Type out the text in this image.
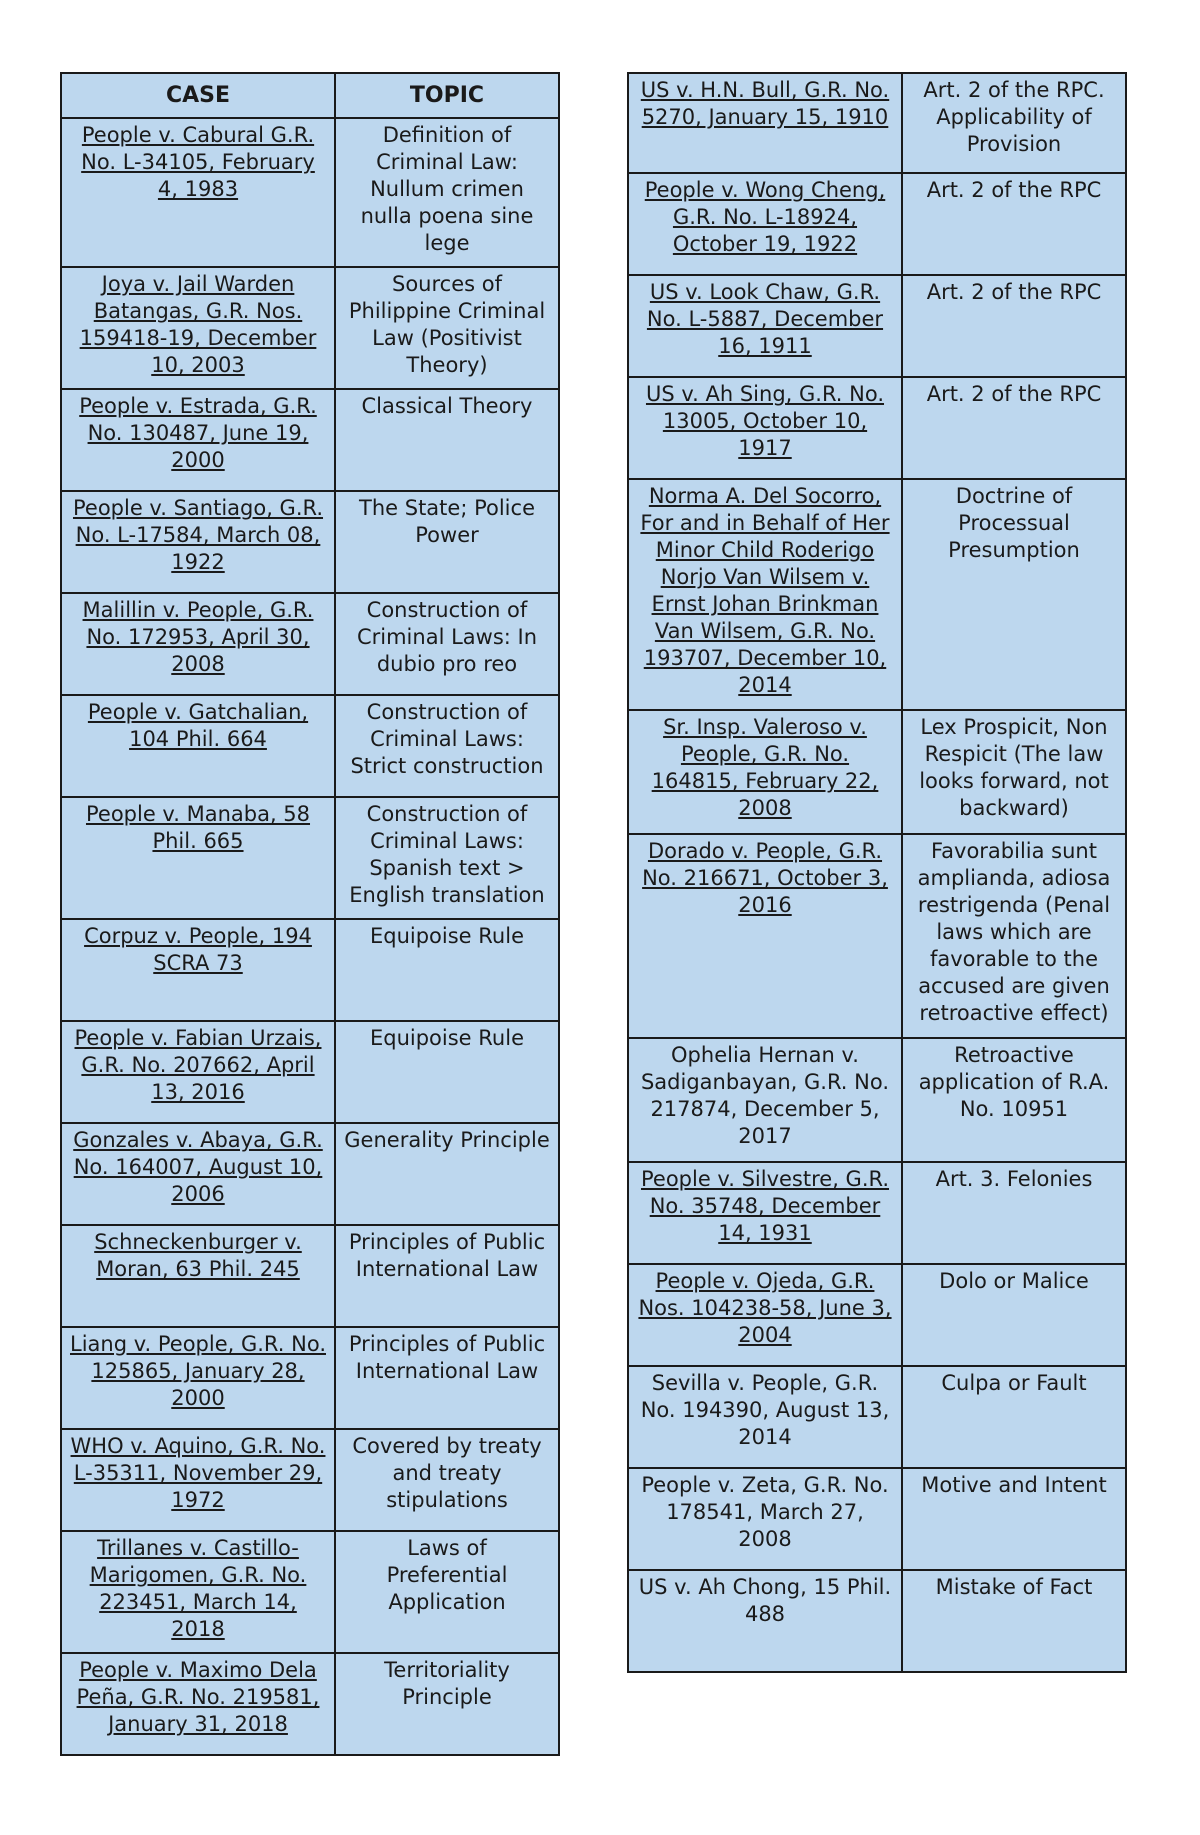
CASE	TOPIC
People v. Cabural G.R. No. L-34105, February 4, 1983	Definition of Criminal Law: Nullum crimen nulla poena sine lege
Joya v. Jail Warden Batangas, G.R. Nos. 159418-19, December 10, 2003	Sources of Philippine Criminal Law (Positivist Theory)
People v. Estrada, G.R. No. 130487, June 19, 2000	Classical Theory
People v. Santiago, G.R. No. L-17584, March 08, 1922	The State; Police Power
Malillin v. People, G.R. No. 172953, April 30, 2008	Construction of Criminal Laws: In dubio pro reo
People v. Gatchalian, 104 Phil. 664	Construction of Criminal Laws: Strict construction
People v. Manaba, 58 Phil. 665	Construction of Criminal Laws: Spanish text > English translation
Corpuz v. People, 194 SCRA 73	Equipoise Rule
People v. Fabian Urzais, G.R. No. 207662, April 13, 2016	Equipoise Rule
Gonzales v. Abaya, G.R. No. 164007, August 10, 2006	Generality Principle
Schneckenburger v. Moran, 63 Phil. 245	Principles of Public International Law
Liang v. People, G.R. No. 125865, January 28, 2000	Principles of Public International Law
WHO v. Aquino, G.R. No. L-35311, November 29, 1972	Covered by treaty and treaty stipulations
Trillanes v. Castillo-Marigomen, G.R. No. 223451, March 14, 2018	Laws of Preferential Application
People v. Maximo Dela Peña, G.R. No. 219581, January 31, 2018	Territoriality Principle
US v. H.N. Bull, G.R. No. 5270, January 15, 1910	Art. 2 of the RPC. Applicability of Provision
People v. Wong Cheng, G.R. No. L-18924, October 19, 1922	Art. 2 of the RPC
US v. Look Chaw, G.R. No. L-5887, December 16, 1911	Art. 2 of the RPC
US v. Ah Sing, G.R. No. 13005, October 10, 1917	Art. 2 of the RPC
Norma A. Del Socorro, For and in Behalf of Her Minor Child Roderigo Norjo Van Wilsem v. Ernst Johan Brinkman Van Wilsem, G.R. No. 193707, December 10, 2014	Doctrine of Processual Presumption
Sr. Insp. Valeroso v. People, G.R. No. 164815, February 22, 2008	Lex Prospicit, Non Respicit (The law looks forward, not backward)
Dorado v. People, G.R. No. 216671, October 3, 2016	Favorabilia sunt amplianda, adiosa restrigenda (Penal laws which are favorable to the accused are given retroactive effect)
Ophelia Hernan v. Sadiganbayan, G.R. No. 217874, December 5, 2017	Retroactive application of R.A. No. 10951
People v. Silvestre, G.R. No. 35748, December 14, 1931	Art. 3. Felonies
People v. Ojeda, G.R. Nos. 104238-58, June 3, 2004	Dolo or Malice
Sevilla v. People, G.R. No. 194390, August 13, 2014	Culpa or Fault
People v. Zeta, G.R. No. 178541, March 27, 2008	Motive and Intent
US v. Ah Chong, 15 Phil. 488	Mistake of Fact
